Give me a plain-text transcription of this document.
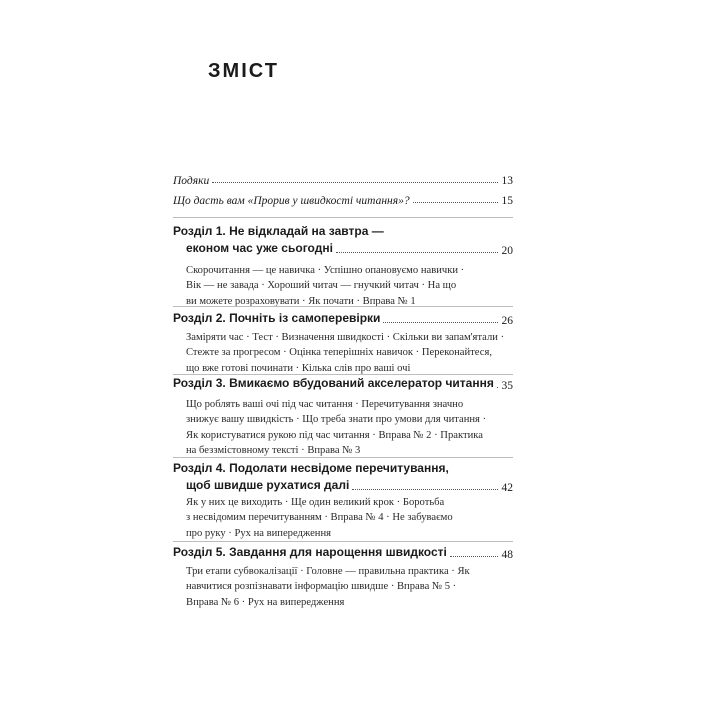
ЗМІСТ
Подяки	13
Що дасть вам «Прорив у швидкості читання»?	15
Розділ 1. Не відкладай на завтра —
економ час уже сьогодні	20
Скорочитання — це навичка · Успішно опановуємо навички ·
Вік — не завада · Хороший читач — гнучкий читач · На що
ви можете розраховувати · Як почати · Вправа № 1
Розділ 2. Почніть із самоперевірки	26
Заміряти час · Тест · Визначення швидкості · Скільки ви запам'ятали ·
Стежте за прогресом · Оцінка теперішніх навичок · Переконайтеся,
що вже готові починати · Кілька слів про ваші очі
Розділ 3. Вмикаємо вбудований акселератор читання 35
Що роблять ваші очі під час читання · Перечитування значно
знижує вашу швидкість · Що треба знати про умови для читання ·
Як користуватися рукою під час читання · Вправа № 2 · Практика
на беззмістовному тексті · Вправа № 3
Розділ 4. Подолати несвідоме перечитування,
щоб швидше рухатися далі	42
Як у них це виходить · Ще один великий крок · Боротьба
з несвідомим перечитуванням · Вправа № 4 · Не забуваємо
про руку · Рух на випередження
Розділ 5. Завдання для нарощення швидкості	48
Три етапи субвокалізації · Головне — правильна практика · Як
навчитися розпізнавати інформацію швидше · Вправа № 5 ·
Вправа № 6 · Рух на випередження
